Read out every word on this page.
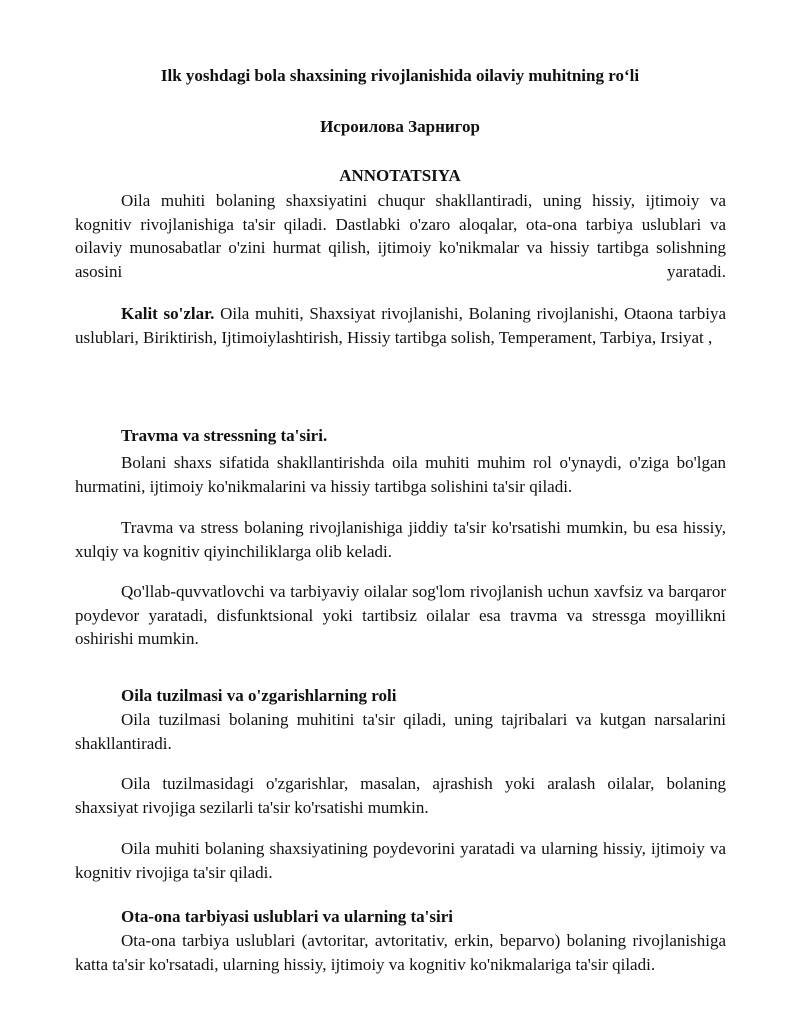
Ilk yoshdagi bola shaxsining rivojlanishida oilaviy muhitning roʻli
Исроилова Зарнигор
ANNOTATSIYA
Oila muhiti bolaning shaxsiyatini chuqur shakllantiradi, uning hissiy, ijtimoiy va kognitiv rivojlanishiga ta'sir qiladi. Dastlabki o'zaro aloqalar, ota-ona tarbiya uslublari va oilaviy munosabatlar o'zini hurmat qilish, ijtimoiy ko'nikmalar va hissiy tartibga solishning asosini yaratadi.
Kalit so'zlar. Oila muhiti, Shaxsiyat rivojlanishi, Bolaning rivojlanishi, Otaona tarbiya uslublari, Biriktirish, Ijtimoiylashtirish, Hissiy tartibga solish, Temperament, Tarbiya, Irsiyat ,
Travma va stressning ta'siri.
Bolani shaxs sifatida shakllantirishda oila muhiti muhim rol o'ynaydi, o'ziga bo'lgan hurmatini, ijtimoiy ko'nikmalarini va hissiy tartibga solishini ta'sir qiladi.
Travma va stress bolaning rivojlanishiga jiddiy ta'sir ko'rsatishi mumkin, bu esa hissiy, xulqiy va kognitiv qiyinchiliklarga olib keladi.
Qo'llab-quvvatlovchi va tarbiyaviy oilalar sog'lom rivojlanish uchun xavfsiz va barqaror poydevor yaratadi, disfunktsional yoki tartibsiz oilalar esa travma va stressga moyillikni oshirishi mumkin.
Oila tuzilmasi va o'zgarishlarning roli
Oila tuzilmasi bolaning muhitini ta'sir qiladi, uning tajribalari va kutgan narsalarini shakllantiradi.
Oila tuzilmasidagi o'zgarishlar, masalan, ajrashish yoki aralash oilalar, bolaning shaxsiyat rivojiga sezilarli ta'sir ko'rsatishi mumkin.
Oila muhiti bolaning shaxsiyatining poydevorini yaratadi va ularning hissiy, ijtimoiy va kognitiv rivojiga ta'sir qiladi.
Ota-ona tarbiyasi uslublari va ularning ta'siri
Ota-ona tarbiya uslublari (avtoritar, avtoritativ, erkin, beparvo) bolaning rivojlanishiga katta ta'sir ko'rsatadi, ularning hissiy, ijtimoiy va kognitiv ko'nikmalariga ta'sir qiladi.
